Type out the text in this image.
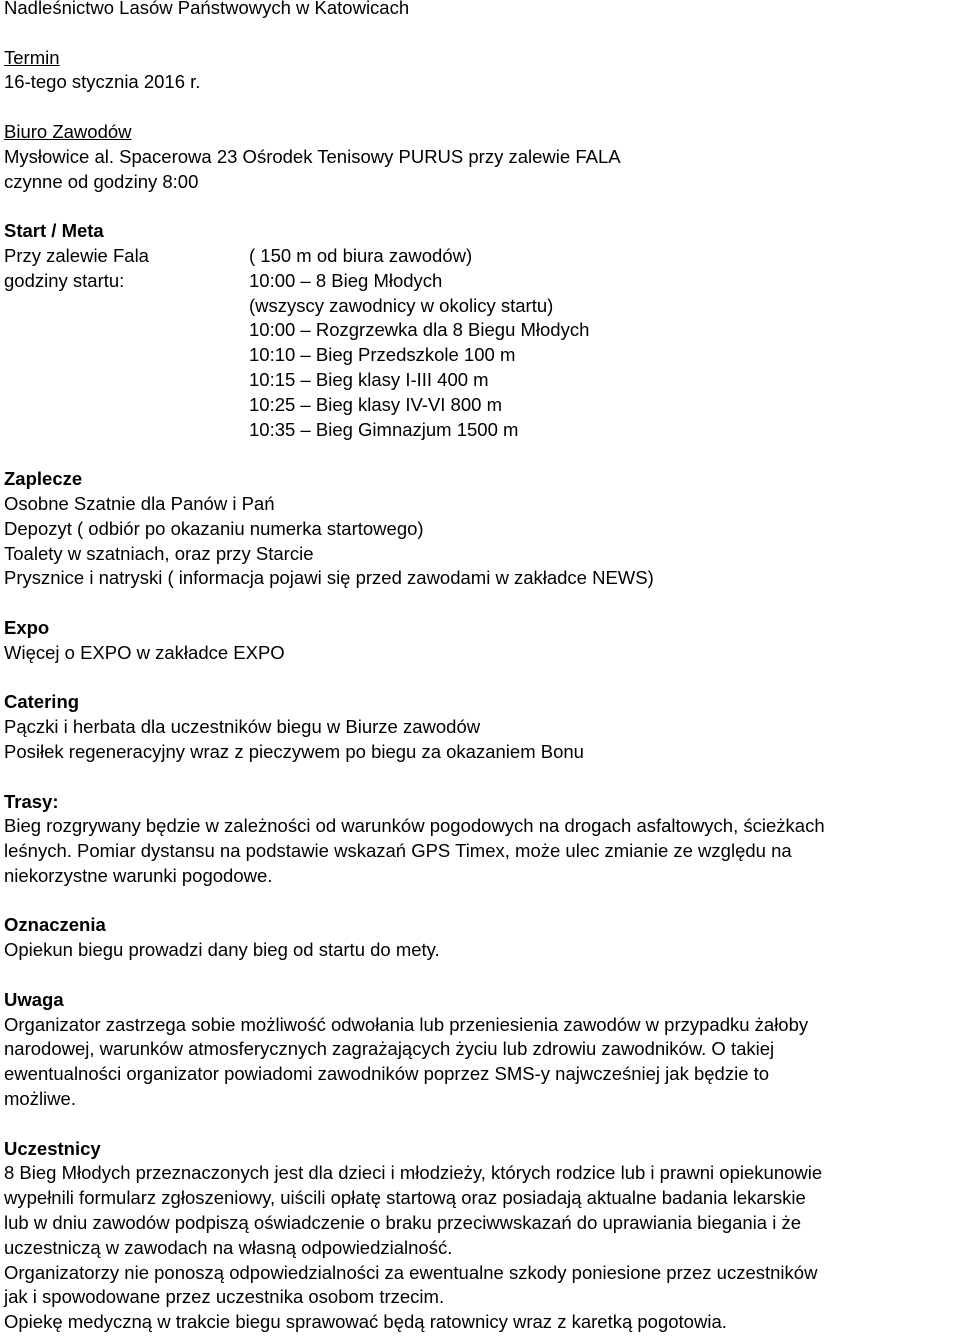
Nadleśnictwo Lasów Państwowych w Katowicach
Termin
16-tego stycznia 2016 r.
Biuro Zawodów
Mysłowice al. Spacerowa 23 Ośrodek Tenisowy PURUS przy zalewie FALA
czynne od godziny 8:00
Start / Meta
Przy zalewie Fala
godziny startu:
( 150 m od biura zawodów)
10:00 – 8 Bieg Młodych
(wszyscy zawodnicy w okolicy startu)
10:00 – Rozgrzewka dla 8 Biegu Młodych
10:10 – Bieg Przedszkole 100 m
10:15 – Bieg klasy I-III 400 m
10:25 – Bieg klasy IV-VI 800 m
10:35 – Bieg Gimnazjum 1500 m
Zaplecze
Osobne Szatnie dla Panów i Pań
Depozyt ( odbiór po okazaniu numerka startowego)
Toalety w szatniach, oraz przy Starcie
Prysznice i natryski ( informacja pojawi się przed zawodami w zakładce NEWS)
Expo
Więcej o EXPO w zakładce EXPO
Catering
Pączki i herbata dla uczestników biegu w Biurze zawodów
Posiłek regeneracyjny wraz z pieczywem po biegu za okazaniem Bonu
Trasy:
Bieg rozgrywany będzie w zależności od warunków pogodowych na drogach asfaltowych, ścieżkach
leśnych. Pomiar dystansu na podstawie wskazań GPS Timex, może ulec zmianie ze względu na
niekorzystne warunki pogodowe.
Oznaczenia
Opiekun biegu prowadzi dany bieg od startu do mety.
Uwaga
Organizator zastrzega sobie możliwość odwołania lub przeniesienia zawodów w przypadku żałoby
narodowej, warunków atmosferycznych zagrażających życiu lub zdrowiu zawodników. O takiej
ewentualności organizator powiadomi zawodników poprzez SMS-y najwcześniej jak będzie to
możliwe.
Uczestnicy
8 Bieg Młodych przeznaczonych jest dla dzieci i młodzieży, których rodzice lub i prawni opiekunowie
wypełnili formularz zgłoszeniowy, uiścili opłatę startową oraz posiadają aktualne badania lekarskie
lub w dniu zawodów podpiszą oświadczenie o braku przeciwwskazań do uprawiania biegania i że
uczestniczą w zawodach na własną odpowiedzialność.
Organizatorzy nie ponoszą odpowiedzialności za ewentualne szkody poniesione przez uczestników
jak i spowodowane przez uczestnika osobom trzecim.
Opiekę medyczną w trakcie biegu sprawować będą ratownicy wraz z karetką pogotowia.
